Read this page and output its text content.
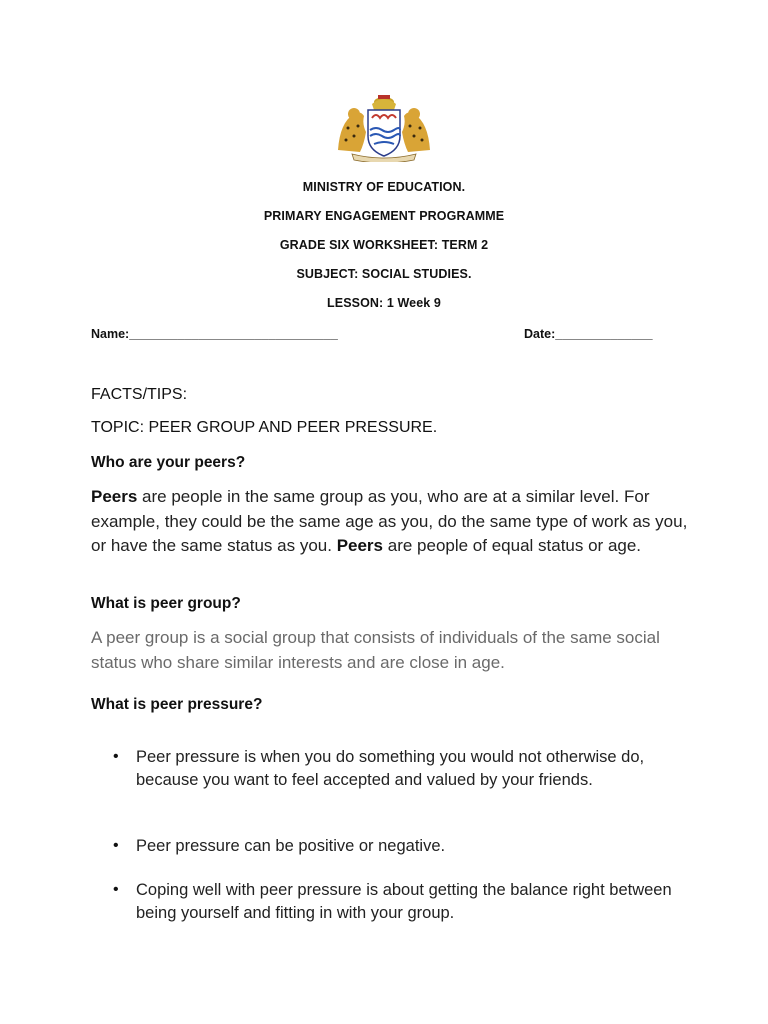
MINISTRY OF EDUCATION.
PRIMARY ENGAGEMENT PROGRAMME
GRADE SIX WORKSHEET: TERM 2
SUBJECT: SOCIAL STUDIES.
LESSON: 1 Week 9
Name:______________________________	Date:______________
FACTS/TIPS:
TOPIC: PEER GROUP AND PEER PRESSURE.
Who are your peers?
Peers are people in the same group as you, who are at a similar level. For example, they could be the same age as you, do the same type of work as you, or have the same status as you. Peers are people of equal status or age.
What is peer group?
A peer group is a social group that consists of individuals of the same social status who share similar interests and are close in age.
What is peer pressure?
• Peer pressure is when you do something you would not otherwise do, because you want to feel accepted and valued by your friends.
• Peer pressure can be positive or negative.
• Coping well with peer pressure is about getting the balance right between being yourself and fitting in with your group.
